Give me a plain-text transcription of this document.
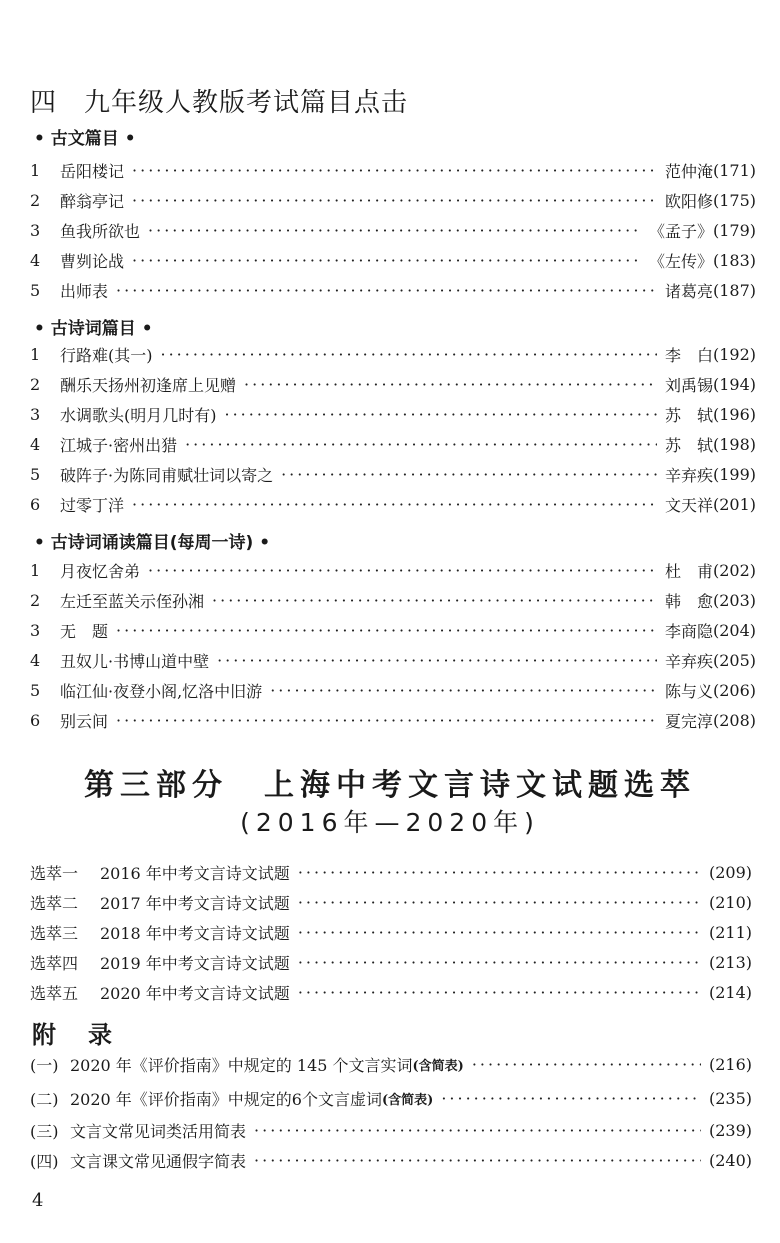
四　九年级人教版考试篇目点击
• 古文篇目 •
1	岳阳楼记 ·····	范仲淹 (171)
2	醉翁亭记 ·····	欧阳修 (175)
3	鱼我所欲也 ·····	《孟子》 (179)
4	曹刿论战 ·····	《左传》 (183)
5	出师表 ·····	诸葛亮 (187)
• 古诗词篇目 •
1	行路难(其一) ·····	李　白 (192)
2	酬乐天扬州初逢席上见赠 ·····	刘禹锡 (194)
3	水调歌头(明月几时有) ·····	苏　轼 (196)
4	江城子·密州出猎 ·····	苏　轼 (198)
5	破阵子·为陈同甫赋壮词以寄之 ·····	辛弃疾 (199)
6	过零丁洋 ·····	文天祥 (201)
• 古诗词诵读篇目(每周一诗) •
1	月夜忆舍弟 ·····	杜　甫 (202)
2	左迁至蓝关示侄孙湘 ·····	韩　愈 (203)
3	无　题 ·····	李商隐 (204)
4	丑奴儿·书博山道中壁 ·····	辛弃疾 (205)
5	临江仙·夜登小阁,忆洛中旧游 ·····	陈与义 (206)
6	别云间 ·····	夏完淳 (208)
第三部分　上海中考文言诗文试题选萃
(2016年—2020年)
选萃一	2016 年中考文言诗文试题 ·····	(209)
选萃二	2017 年中考文言诗文试题 ·····	(210)
选萃三	2018 年中考文言诗文试题 ·····	(211)
选萃四	2019 年中考文言诗文试题 ·····	(213)
选萃五	2020 年中考文言诗文试题 ·····	(214)
附　录
(一) 2020 年《评价指南》中规定的 145 个文言实词 (含简表) ·····	(216)
(二) 2020 年《评价指南》中规定的6个文言虚词 (含简表) ·····	(235)
(三) 文言文常见词类活用简表 ·····	(239)
(四) 文言课文常见通假字简表 ·····	(240)
4
